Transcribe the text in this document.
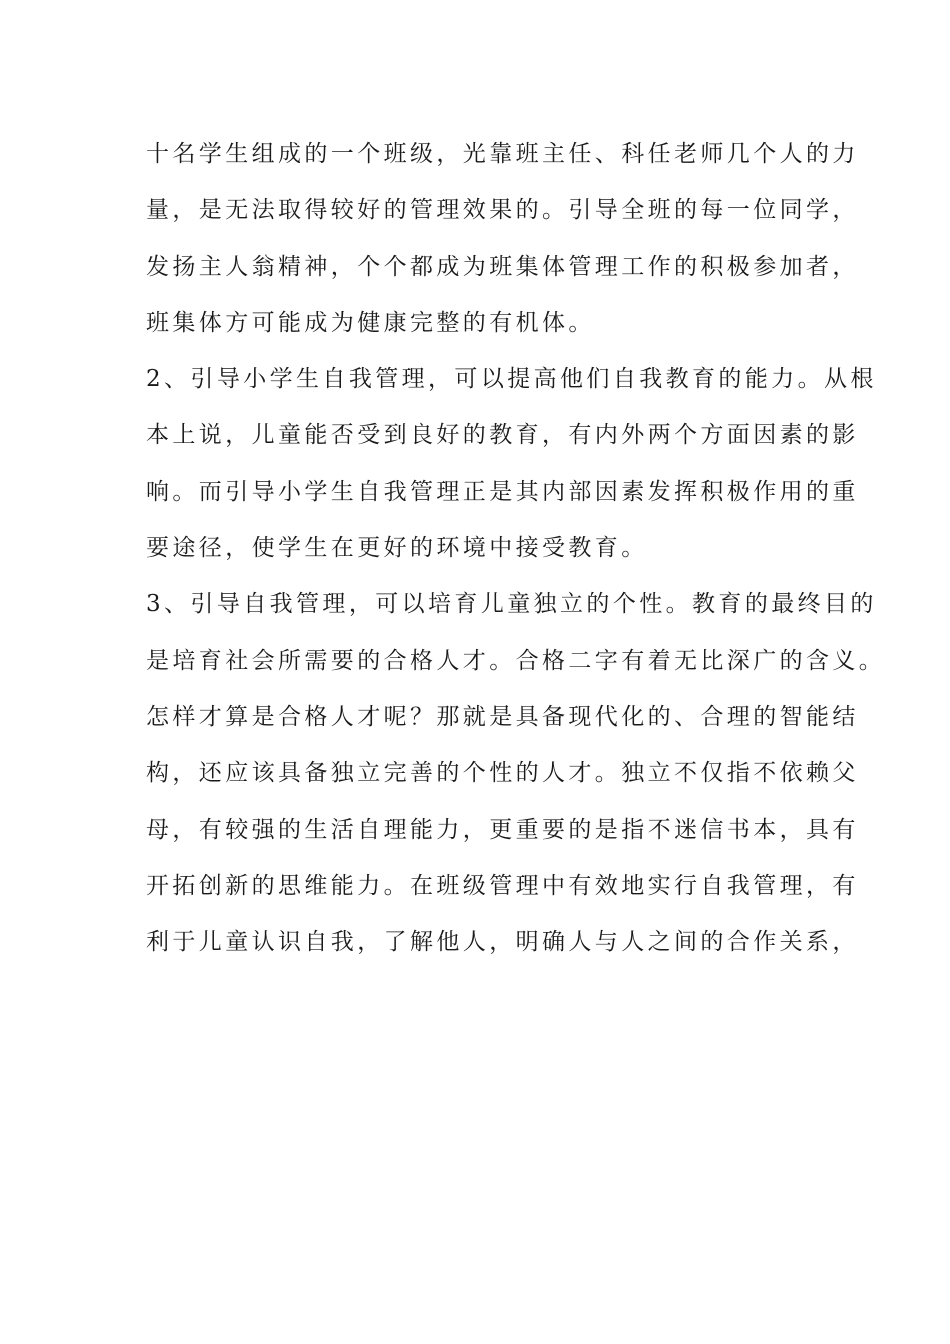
十名学生组成的一个班级，光靠班主任、科任老师几个人的力

量，是无法取得较好的管理效果的。引导全班的每一位同学，

发扬主人翁精神，个个都成为班集体管理工作的积极参加者，

班集体方可能成为健康完整的有机体。

2、引导小学生自我管理，可以提高他们自我教育的能力。从根

本上说，儿童能否受到良好的教育，有内外两个方面因素的影

响。而引导小学生自我管理正是其内部因素发挥积极作用的重

要途径，使学生在更好的环境中接受教育。

3、引导自我管理，可以培育儿童独立的个性。教育的最终目的

是培育社会所需要的合格人才。合格二字有着无比深广的含义。

怎样才算是合格人才呢？那就是具备现代化的、合理的智能结

构，还应该具备独立完善的个性的人才。独立不仅指不依赖父

母，有较强的生活自理能力，更重要的是指不迷信书本，具有

开拓创新的思维能力。在班级管理中有效地实行自我管理，有

利于儿童认识自我，了解他人，明确人与人之间的合作关系，
